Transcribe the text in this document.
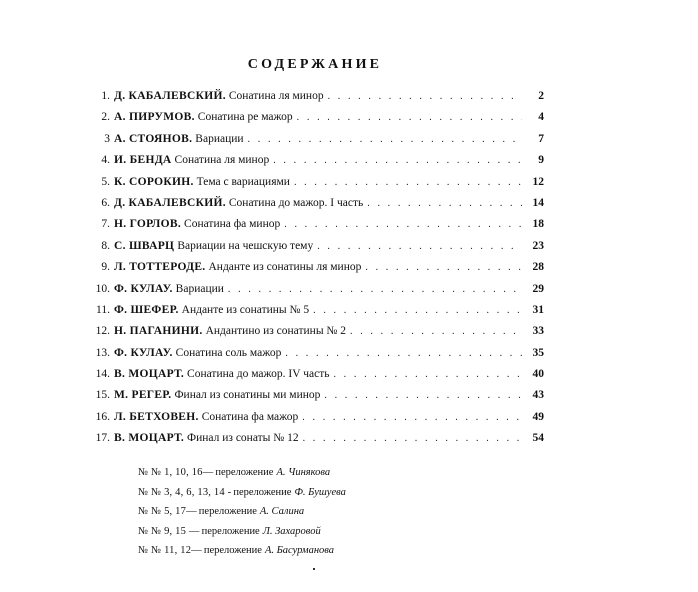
СОДЕРЖАНИЕ
1. Д. КАБАЛЕВСКИЙ. Сонатина ля минор . . .	2
2. А. ПИРУМОВ. Сонатина ре мажор . . .	4
3 А. СТОЯНОВ. Вариации . . .	7
4. И. БЕНДА Сонатина ля минор . . .	9
5. К. СОРОКИН. Тема с вариациями . . .	12
6. Д. КАБАЛЕВСКИЙ. Сонатина до мажор. I часть . . .	14
7. Н. ГОРЛОВ. Сонатина фа минор . . .	18
8. С. ШВАРЦ Вариации на чешскую тему . . .	23
9. Л. ТОТТЕРОДЕ. Анданте из сонатины ля минор . . .	28
10. Ф. КУЛАУ. Вариации . . .	29
11. Ф. ШЕФЕР. Анданте из сонатины № 5 . . .	31
12. Н. ПАГАНИНИ. Андантино из сонатины № 2 . . .	33
13. Ф. КУЛАУ. Сонатина соль мажор . . .	35
14. В. МОЦАРТ. Сонатина до мажор. IV часть . . .	40
15. М. РЕГЕР. Финал из сонатины ми минор . . .	43
16. Л. БЕТХОВЕН. Сонатина фа мажор . . .	49
17. В. МОЦАРТ. Финал из сонаты № 12 . . .	54
№ № 1, 10, 16— переложение А. Чинякова
№ № 3, 4, 6, 13, 14 - переложение Ф. Бушуева
№ № 5, 17— переложение А. Салина
№ № 9, 15 — переложение Л. Захаровой
№ № 11, 12— переложение А. Басурманова
